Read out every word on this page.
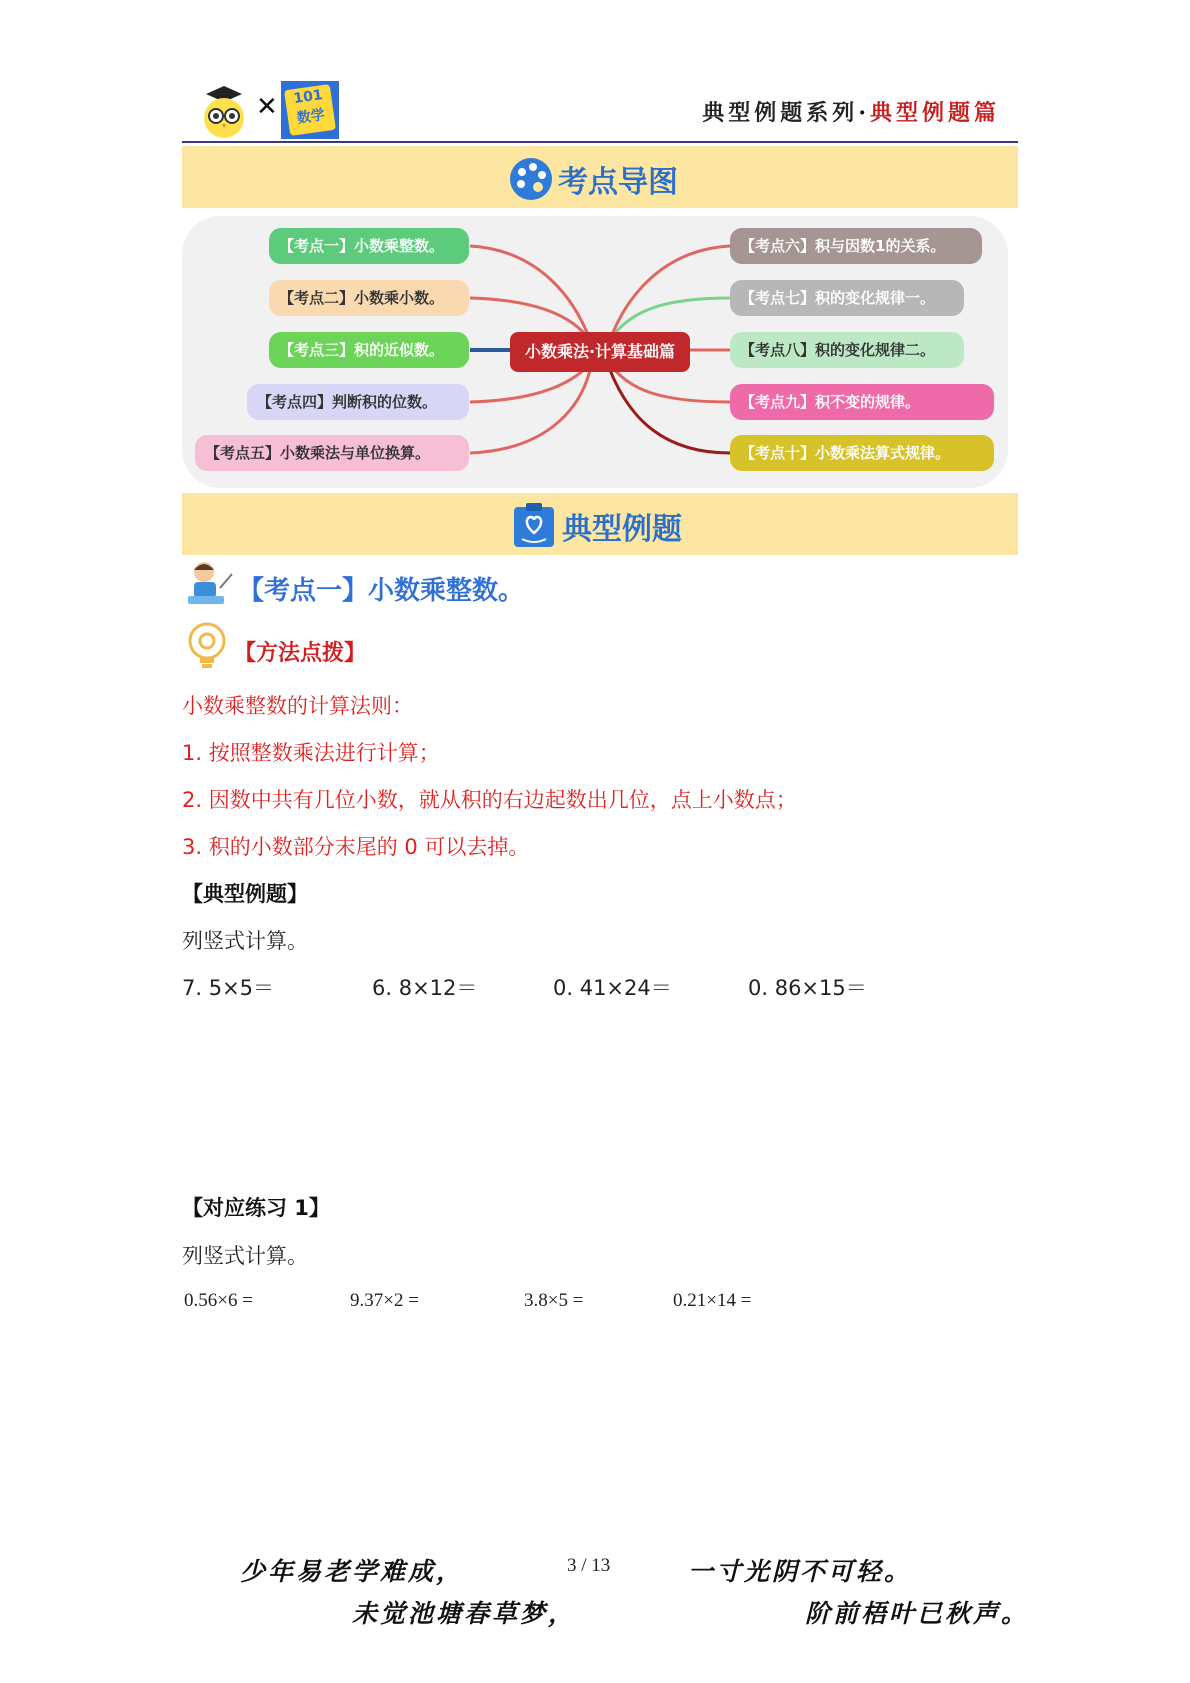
✕	101 数学	典型例题系列·典型例题篇
考点导图
【考点一】小数乘整数。
【考点二】小数乘小数。
【考点三】积的近似数。
【考点四】判断积的位数。
【考点五】小数乘法与单位换算。
小数乘法·计算基础篇
【考点六】积与因数1的关系。
【考点七】积的变化规律一。
【考点八】积的变化规律二。
【考点九】积不变的规律。
【考点十】小数乘法算式规律。
典型例题
【考点一】小数乘整数。
【方法点拨】
小数乘整数的计算法则：
1. 按照整数乘法进行计算；
2. 因数中共有几位小数，就从积的右边起数出几位，点上小数点；
3. 积的小数部分末尾的 0 可以去掉。
【典型例题】
列竖式计算。
7. 5×5＝	6. 8×12＝	0. 41×24＝	0. 86×15＝
【对应练习 1】
列竖式计算。
0.56×6 =	9.37×2 =	3.8×5 =	0.21×14 =
少年易老学难成，	3 / 13	一寸光阴不可轻。
未觉池塘春草梦，	阶前梧叶已秋声。
